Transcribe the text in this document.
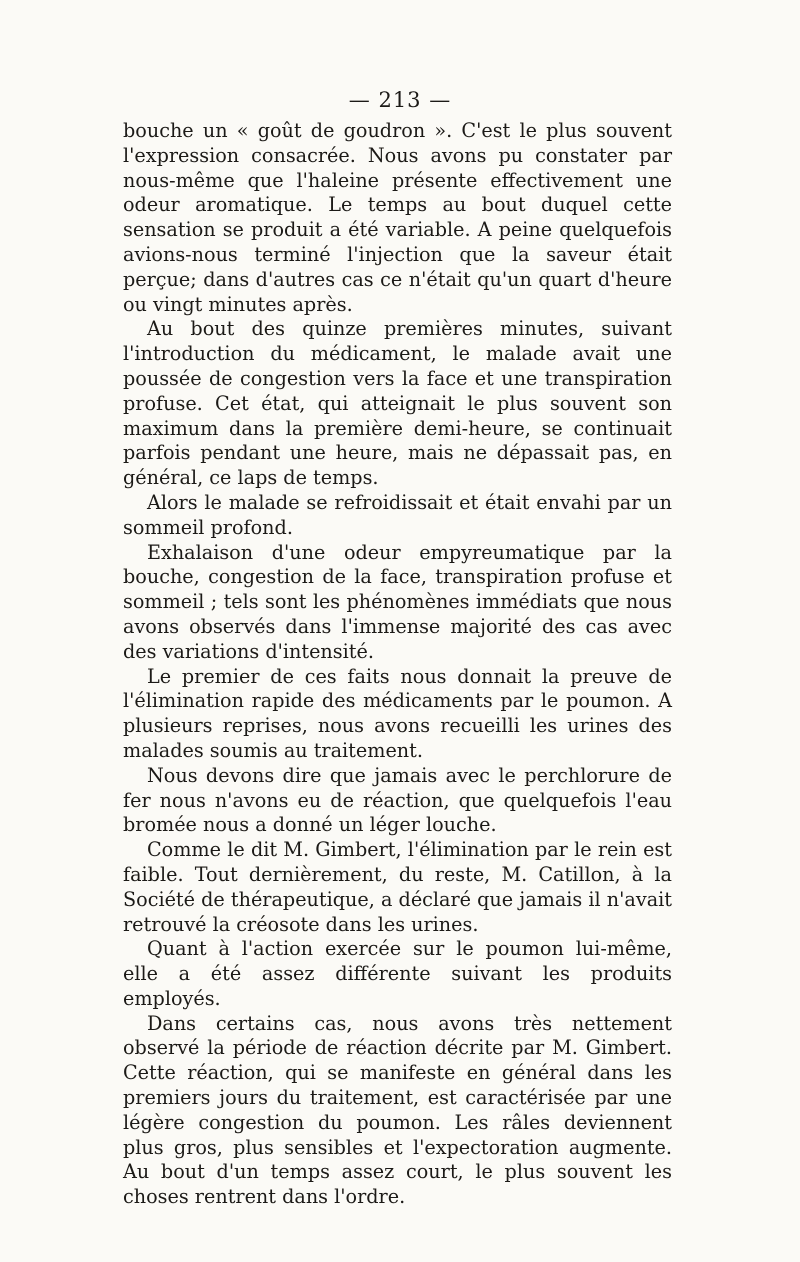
— 213 —

bouche un « goût de goudron ». C'est le plus souvent l'expression consacrée. Nous avons pu constater par nous-même que l'haleine présente effectivement une odeur aromatique. Le temps au bout duquel cette sensation se produit a été variable. A peine quelquefois avions-nous terminé l'injection que la saveur était perçue; dans d'autres cas ce n'était qu'un quart d'heure ou vingt minutes après.

Au bout des quinze premières minutes, suivant l'introduction du médicament, le malade avait une poussée de congestion vers la face et une transpiration profuse. Cet état, qui atteignait le plus souvent son maximum dans la première demi-heure, se continuait parfois pendant une heure, mais ne dépassait pas, en général, ce laps de temps.

Alors le malade se refroidissait et était envahi par un sommeil profond.

Exhalaison d'une odeur empyreumatique par la bouche, congestion de la face, transpiration profuse et sommeil ; tels sont les phénomènes immédiats que nous avons observés dans l'immense majorité des cas avec des variations d'intensité.

Le premier de ces faits nous donnait la preuve de l'élimination rapide des médicaments par le poumon. A plusieurs reprises, nous avons recueilli les urines des malades soumis au traitement.

Nous devons dire que jamais avec le perchlorure de fer nous n'avons eu de réaction, que quelquefois l'eau bromée nous a donné un léger louche.

Comme le dit M. Gimbert, l'élimination par le rein est faible. Tout dernièrement, du reste, M. Catillon, à la Société de thérapeutique, a déclaré que jamais il n'avait retrouvé la créosote dans les urines.

Quant à l'action exercée sur le poumon lui-même, elle a été assez différente suivant les produits employés.

Dans certains cas, nous avons très nettement observé la période de réaction décrite par M. Gimbert. Cette réaction, qui se manifeste en général dans les premiers jours du traitement, est caractérisée par une légère congestion du poumon. Les râles deviennent plus gros, plus sensibles et l'expectoration augmente. Au bout d'un temps assez court, le plus souvent les choses rentrent dans l'ordre.
